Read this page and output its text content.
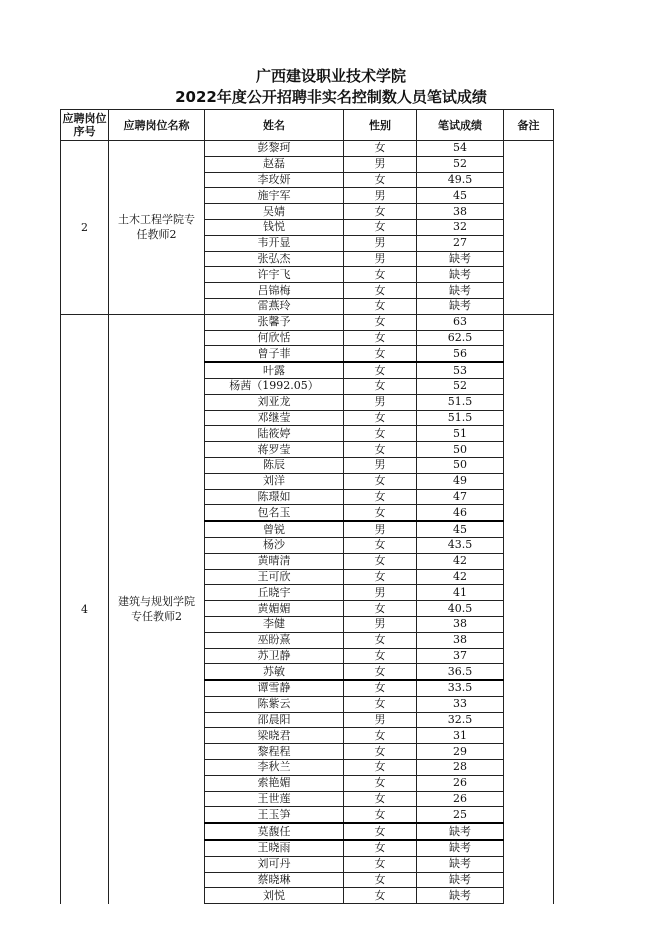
广西建设职业技术学院
2022年度公开招聘非实名控制数人员笔试成绩
应聘岗位序号	应聘岗位名称	姓名	性别	笔试成绩	备注
2	土木工程学院专任教师2	彭黎珂	女	54	
		赵磊	男	52	
		李玫妍	女	49.5	
		施宇军	男	45	
		吴婧	女	38	
		钱悦	女	32	
		韦开显	男	27	
		张弘杰	男	缺考	
		许宇飞	女	缺考	
		吕锦梅	女	缺考	
		雷燕玲	女	缺考	
4	建筑与规划学院专任教师2	张馨予	女	63	
		何欣恬	女	62.5	
		曾子菲	女	56	
		叶露	女	53	
		杨茜（1992.05）	女	52	
		刘亚龙	男	51.5	
		邓继莹	女	51.5	
		陆筱婷	女	51	
		蒋罗莹	女	50	
		陈辰	男	50	
		刘洋	女	49	
		陈璟如	女	47	
		包名玉	女	46	
		曾锐	男	45	
		杨沙	女	43.5	
		黄晴清	女	42	
		王可欣	女	42	
		丘晓宇	男	41	
		黄媚媚	女	40.5	
		李健	男	38	
		巫盼熹	女	38	
		苏卫静	女	37	
		苏敏	女	36.5	
		谭雪静	女	33.5	
		陈紫云	女	33	
		邵晨阳	男	32.5	
		梁晓君	女	31	
		黎程程	女	29	
		李秋兰	女	28	
		索艳媚	女	26	
		王世莲	女	26	
		王玉笋	女	25	
		莫馥任	女	缺考	
		王晓雨	女	缺考	
		刘可丹	女	缺考	
		蔡晓琳	女	缺考	
		刘悦	女	缺考	
